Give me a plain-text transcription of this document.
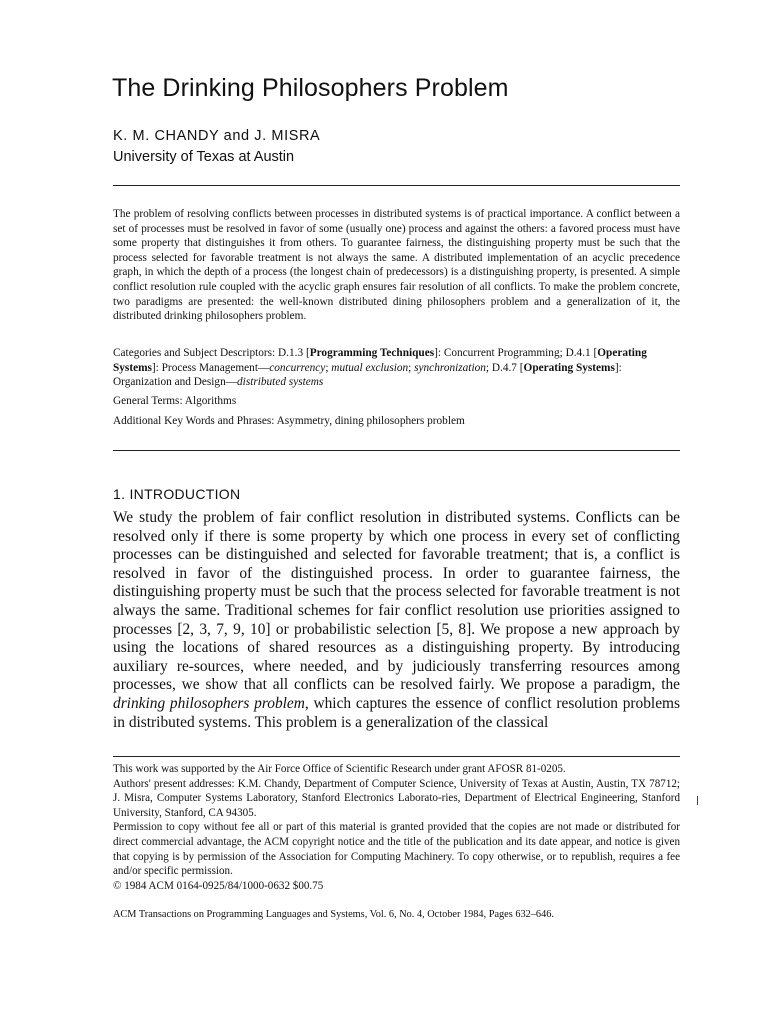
The Drinking Philosophers Problem
K. M. CHANDY and J. MISRA
University of Texas at Austin

The problem of resolving conflicts between processes in distributed systems is of practical importance. A conflict between a set of processes must be resolved in favor of some (usually one) process and against the others: a favored process must have some property that distinguishes it from others. To guarantee fairness, the distinguishing property must be such that the process selected for favorable treatment is not always the same. A distributed implementation of an acyclic precedence graph, in which the depth of a process (the longest chain of predecessors) is a distinguishing property, is presented. A simple conflict resolution rule coupled with the acyclic graph ensures fair resolution of all conflicts. To make the problem concrete, two paradigms are presented: the well-known distributed dining philosophers problem and a generalization of it, the distributed drinking philosophers problem.

Categories and Subject Descriptors: D.1.3 [Programming Techniques]: Concurrent Programming; D.4.1 [Operating Systems]: Process Management—concurrency; mutual exclusion; synchronization; D.4.7 [Operating Systems]: Organization and Design—distributed systems

General Terms: Algorithms

Additional Key Words and Phrases: Asymmetry, dining philosophers problem

1. INTRODUCTION

We study the problem of fair conflict resolution in distributed systems. Conflicts can be resolved only if there is some property by which one process in every set of conflicting processes can be distinguished and selected for favorable treatment; that is, a conflict is resolved in favor of the distinguished process. In order to guarantee fairness, the distinguishing property must be such that the process selected for favorable treatment is not always the same. Traditional schemes for fair conflict resolution use priorities assigned to processes [2, 3, 7, 9, 10] or probabilistic selection [5, 8]. We propose a new approach by using the locations of shared resources as a distinguishing property. By introducing auxiliary re-sources, where needed, and by judiciously transferring resources among processes, we show that all conflicts can be resolved fairly. We propose a paradigm, the drinking philosophers problem, which captures the essence of conflict resolution problems in distributed systems. This problem is a generalization of the classical

This work was supported by the Air Force Office of Scientific Research under grant AFOSR 81-0205.

Authors' present addresses: K.M. Chandy, Department of Computer Science, University of Texas at Austin, Austin, TX 78712; J. Misra, Computer Systems Laboratory, Stanford Electronics Laborato-ries, Department of Electrical Engineering, Stanford University, Stanford, CA 94305.

Permission to copy without fee all or part of this material is granted provided that the copies are not made or distributed for direct commercial advantage, the ACM copyright notice and the title of the publication and its date appear, and notice is given that copying is by permission of the Association for Computing Machinery. To copy otherwise, or to republish, requires a fee and/or specific permission.

© 1984 ACM 0164-0925/84/1000-0632 $00.75

ACM Transactions on Programming Languages and Systems, Vol. 6, No. 4, October 1984, Pages 632–646.
